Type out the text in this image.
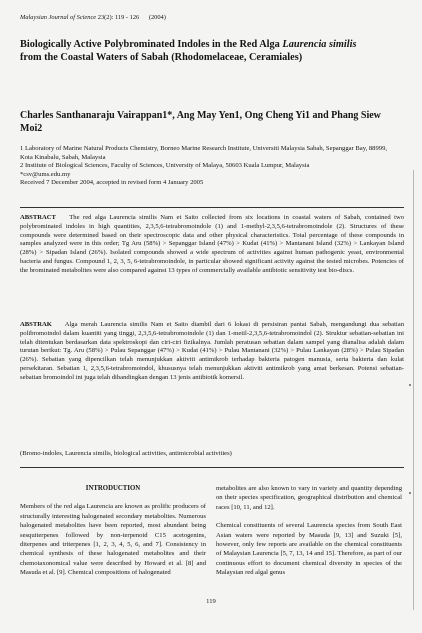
Malaysian Journal of Science 23(2): 119 - 126 (2004)
Biologically Active Polybrominated Indoles in the Red Alga Laurencia similis from the Coastal Waters of Sabah (Rhodomelaceae, Ceramiales)
Charles Santhanaraju Vairappan1*, Ang May Yen1, Ong Cheng Yi1 and Phang Siew Moi2
1 Laboratory of Marine Natural Products Chemistry, Borneo Marine Research Institute, Universiti Malaysia Sabah, Sepanggar Bay, 88999, Kota Kinabalu, Sabah, Malaysia
2 Institute of Biological Sciences, Faculty of Sciences, University of Malaya, 50603 Kuala Lumpur, Malaysia
*csv@ums.edu.my
Received 7 December 2004, accepted in revised form 4 January 2005
ABSTRACT The red alga Laurencia similis Nam et Saito collected from six locations in coastal waters of Sabah, contained two polybrominated indoles in high quantities, 2,3,5,6-tetrabromoindole (1) and 1-methyl-2,3,5,6-tetrabromoindole (2). Structures of these compounds were determined based on their spectroscopic data and other physical characteristics. Total percentage of these compounds in samples analyzed were in this order; Tg Aru (58%) > Sepanggar Island (47%) > Kudat (41%) > Mantanani Island (32%) > Lankayan Island (28%) > Sipadan Island (26%). Isolated compounds showed a wide spectrum of activities against human pathogenic yeast, environmental bacteria and fungus. Compound 1, 2, 3, 5, 6-tetrabromoindole, in particular showed significant activity against the tested microbes. Potencies of the brominated metabolites were also compared against 13 types of commercially available antibiotic sensitivity test bio-discs.
ABSTRAK Alga merah Laurencia similis Nam et Saito diambil dari 6 lokasi di persisiran pantai Sabah, mengandungi dua sebatian polibromoindol dalam kuantiti yang tinggi, 2,3,5,6-tetrabromoindole (1) dan 1-metil-2,3,5,6-tetrabromoindol (2). Struktur sebatian-sebatian ini telah ditentukan berdasarkan data spektroskopi dan ciri-ciri fizikalnya. Jumlah peratusan sebatian dalam sampel yang dianalisa adalah dalam turutan berikut: Tg. Aru (58%) > Pulau Sepanggar (47%) > Kudat (41%) > Pulau Mantanani (32%) > Pulau Lankayan (28%) > Pulau Sipadan (26%). Sebatian yang dipencilkan telah menunjukkan aktiviti antimikrob terhadap bakteria patogen manusia, serta bakteria dan kulat persekitaran. Sebatian 1, 2,3,5,6-tetrabromoindol, khususnya telah menunjukkan aktiviti antimikrob yang amat berkesan. Potensi sebatian-sebatian bromoindol ini juga telah dibandingkan dengan 13 jenis antibiotik komersil.
(Bromo-indoles, Laurencia similis, biological activities, antimicrobial activities)
INTRODUCTION

Members of the red alga Laurencia are known as prolific producers of structurally interesting halogenated secondary metabolites. Numerous halogenated metabolites have been reported, most abundant being sesquiterpenes followed by non-terpenoid C15 acetogenins, diterpenes and triterpenes [1, 2, 3, 4, 5, 6, and 7]. Consistency in chemical synthesis of these halogenated metabolites and their chemotaxonomical value were described by Howard et al. [8] and Masuda et al. [9]. Chemical compositions of halogenated

metabolites are also known to vary in variety and quantity depending on their species specification, geographical distribution and chemical races [10, 11, and 12].

Chemical constituents of several Laurencia species from South East Asian waters were reported by Masuda [9, 13] and Suzuki [5], however, only few reports are available on the chemical constituents of Malaysian Laurencia [5, 7, 13, 14 and 15]. Therefore, as part of our continuous effort to document chemical diversity in species of the Malaysian red algal genus

119
